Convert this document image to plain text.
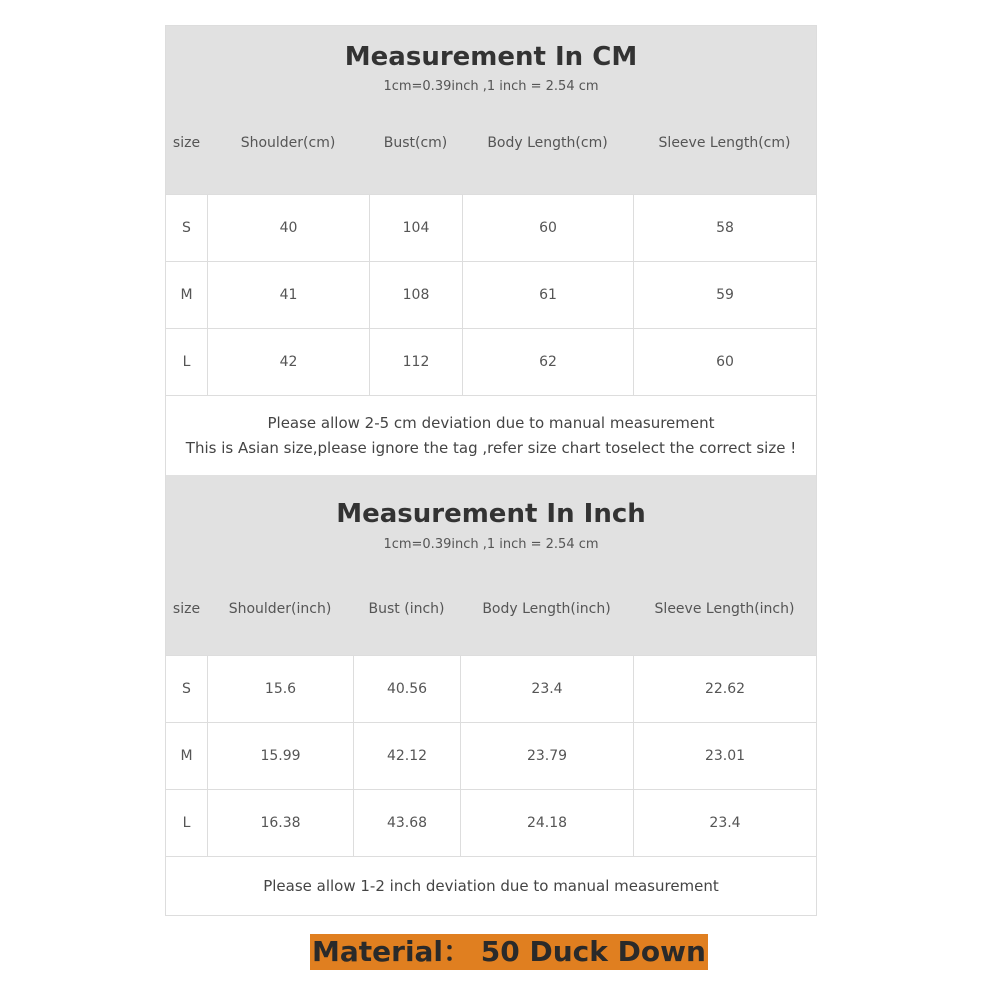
Measurement In CM
1cm=0.39inch ,1 inch = 2.54 cm
size	Shoulder(cm)	Bust(cm)	Body Length(cm)	Sleeve Length(cm)
S	40	104	60	58
M	41	108	61	59
L	42	112	62	60
Please allow 2-5 cm deviation due to manual measurement
This is Asian size,please ignore the tag ,refer size chart toselect the correct size !
Measurement In Inch
1cm=0.39inch ,1 inch = 2.54 cm
size	Shoulder(inch)	Bust (inch)	Body Length(inch)	Sleeve Length(inch)
S	15.6	40.56	23.4	22.62
M	15.99	42.12	23.79	23.01
L	16.38	43.68	24.18	23.4
Please allow 1-2 inch deviation due to manual measurement
Material： 50 Duck Down
